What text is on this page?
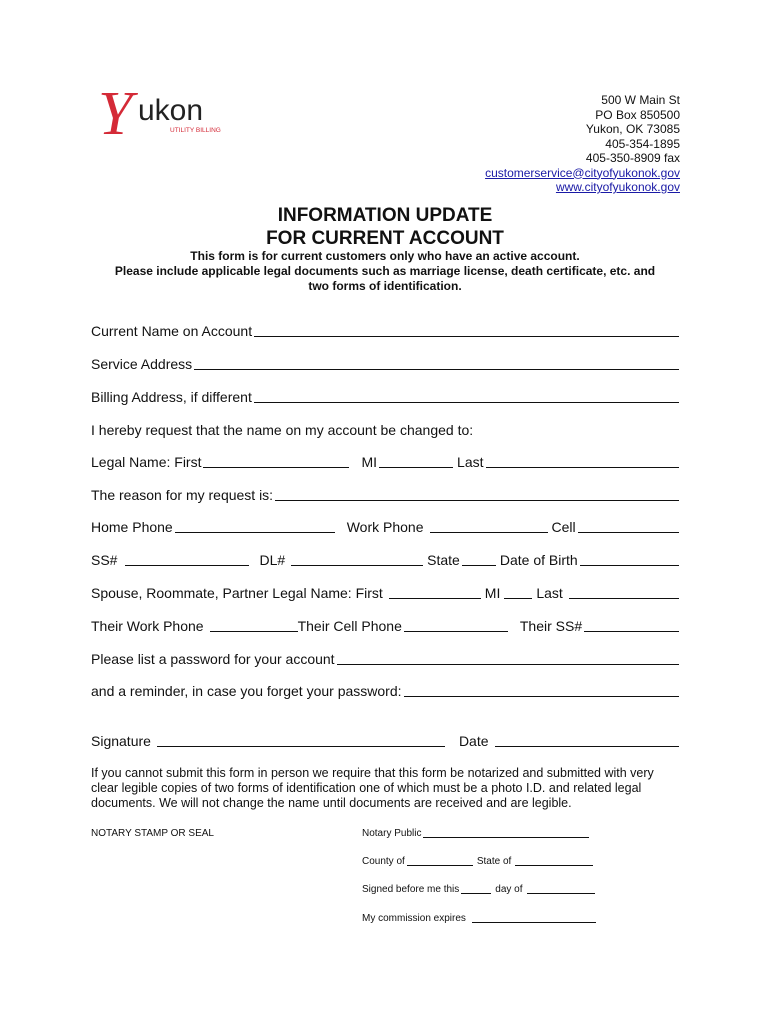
Y ukon
UTILITY BILLING
500 W Main St
PO Box 850500
Yukon, OK 73085
405-354-1895
405-350-8909 fax
customerservice@cityofyukonok.gov
www.cityofyukonok.gov
INFORMATION UPDATE
FOR CURRENT ACCOUNT
This form is for current customers only who have an active account.
Please include applicable legal documents such as marriage license, death certificate, etc. and
two forms of identification.
Current Name on Account
Service Address
Billing Address, if different
I hereby request that the name on my account be changed to:
Legal Name: First	MI	Last
The reason for my request is:
Home Phone	Work Phone	Cell
SS#	DL#	State	Date of Birth
Spouse, Roommate, Partner Legal Name: First	MI	Last
Their Work Phone	Their Cell Phone	Their SS#
Please list a password for your account
and a reminder, in case you forget your password:
Signature	Date
If you cannot submit this form in person we require that this form be notarized and submitted with very clear legible copies of two forms of identification one of which must be a photo I.D. and related legal documents. We will not change the name until documents are received and are legible.
NOTARY STAMP OR SEAL	Notary Public
County of	State of
Signed before me this	day of
My commission expires
